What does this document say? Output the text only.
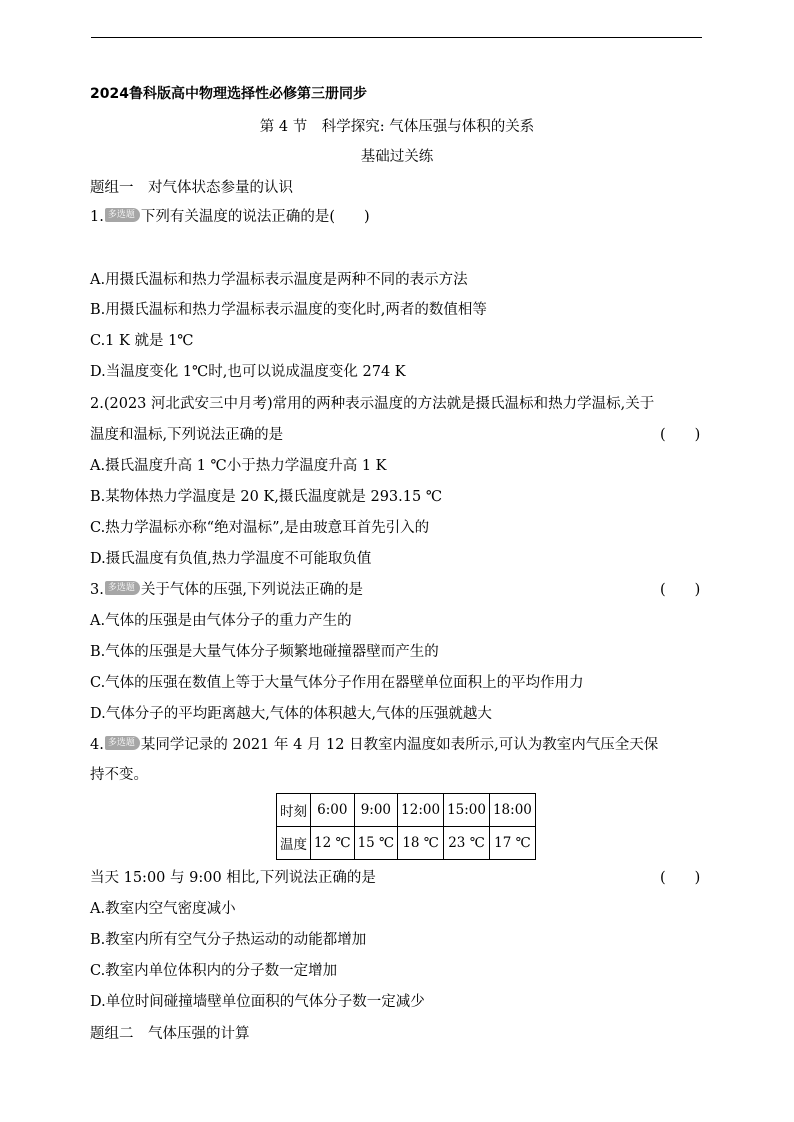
2024鲁科版高中物理选择性必修第三册同步
第 4 节　科学探究: 气体压强与体积的关系
基础过关练
题组一　对气体状态参量的认识
1. 多选题 下列有关温度的说法正确的是(　　)
A.用摄氏温标和热力学温标表示温度是两种不同的表示方法
B.用摄氏温标和热力学温标表示温度的变化时,两者的数值相等
C.1 K 就是 1℃
D.当温度变化 1℃时,也可以说成温度变化 274 K
2.(2023 河北武安三中月考)常用的两种表示温度的方法就是摄氏温标和热力学温标,关于
温度和温标,下列说法正确的是	(　　)
A.摄氏温度升高 1 ℃小于热力学温度升高 1 K
B.某物体热力学温度是 20 K,摄氏温度就是 293.15 ℃
C.热力学温标亦称“绝对温标”,是由玻意耳首先引入的
D.摄氏温度有负值,热力学温度不可能取负值
3. 多选题 关于气体的压强,下列说法正确的是	(　　)
A.气体的压强是由气体分子的重力产生的
B.气体的压强是大量气体分子频繁地碰撞器壁而产生的
C.气体的压强在数值上等于大量气体分子作用在器壁单位面积上的平均作用力
D.气体分子的平均距离越大,气体的体积越大,气体的压强就越大
4. 多选题 某同学记录的 2021 年 4 月 12 日教室内温度如表所示,可认为教室内气压全天保
持不变。
时刻	6:00	9:00	12:00	15:00	18:00
温度	12 ℃	15 ℃	18 ℃	23 ℃	17 ℃
当天 15:00 与 9:00 相比,下列说法正确的是	(　　)
A.教室内空气密度减小
B.教室内所有空气分子热运动的动能都增加
C.教室内单位体积内的分子数一定增加
D.单位时间碰撞墙壁单位面积的气体分子数一定减少
题组二　气体压强的计算
